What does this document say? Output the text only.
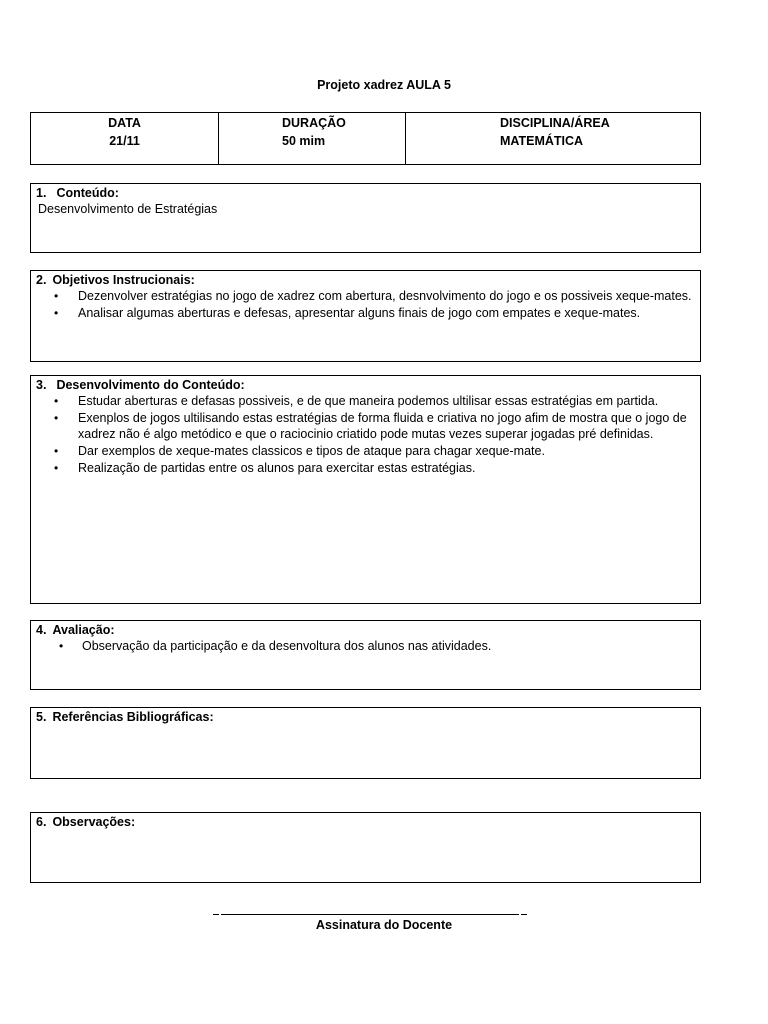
Projeto xadrez AULA 5
DATA
21/11
DURAÇÃO
50 mim
DISCIPLINA/ÁREA
MATEMÁTICA
1. Conteúdo:
Desenvolvimento de Estratégias
2. Objetivos Instrucionais:
• Dezenvolver estratégias no jogo de xadrez com abertura, desnvolvimento do jogo e os possiveis xeque-mates.
• Analisar algumas aberturas e defesas, apresentar alguns finais de jogo com empates e xeque-mates.
3. Desenvolvimento do Conteúdo:
• Estudar aberturas e defasas possiveis, e de que maneira podemos ultilisar essas estratégias em partida.
• Exenplos de jogos ultilisando estas estratégias de forma fluida e criativa no jogo afim de mostra que o jogo de xadrez não é algo metódico e que o raciocinio criatido pode mutas vezes superar jogadas pré definidas.
• Dar exemplos de xeque-mates classicos e tipos de ataque para chagar xeque-mate.
• Realização de partidas entre os alunos para exercitar estas estratégias.
4. Avaliação:
• Observação da participação e da desenvoltura dos alunos nas atividades.
5. Referências Bibliográficas:
6. Observações:
Assinatura do Docente
